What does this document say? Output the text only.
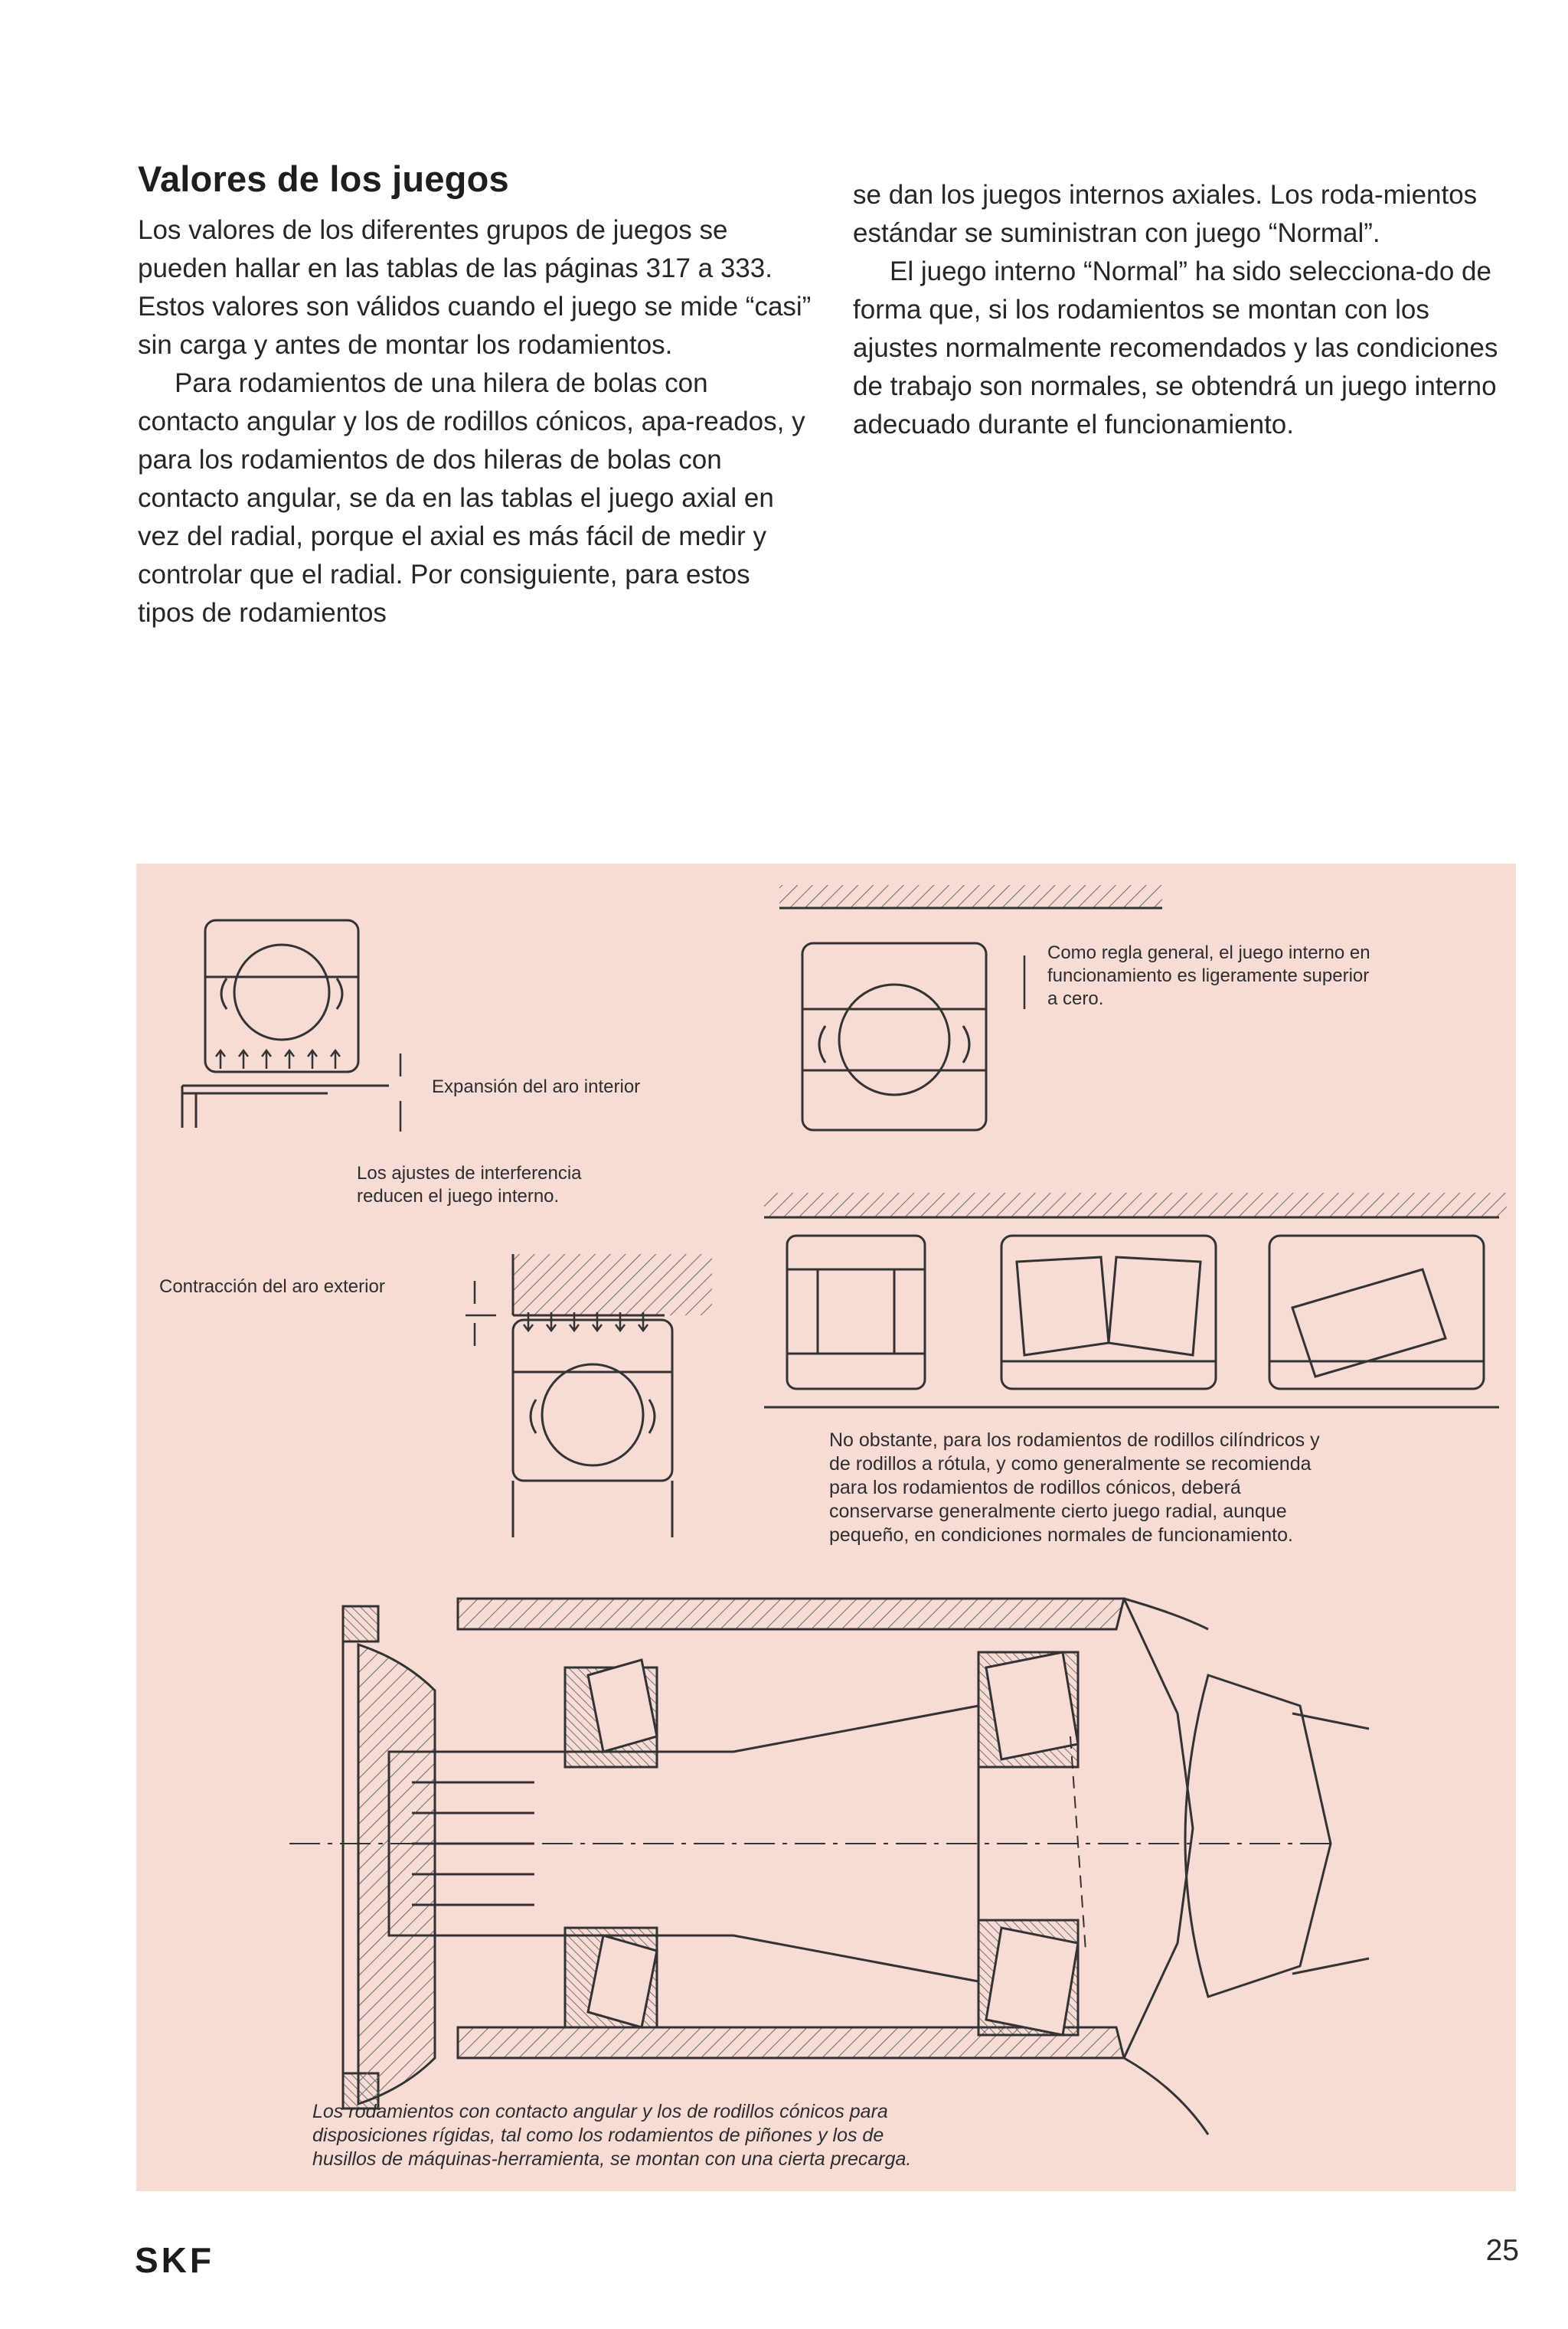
Valores de los juegos

Los valores de los diferentes grupos de juegos se pueden hallar en las tablas de las páginas 317 a 333. Estos valores son válidos cuando el juego se mide “casi” sin carga y antes de montar los rodamientos.

Para rodamientos de una hilera de bolas con contacto angular y los de rodillos cónicos, apa-reados, y para los rodamientos de dos hileras de bolas con contacto angular, se da en las tablas el juego axial en vez del radial, porque el axial es más fácil de medir y controlar que el radial. Por consiguiente, para estos tipos de rodamientos

se dan los juegos internos axiales. Los roda-mientos estándar se suministran con juego “Normal”.

El juego interno “Normal” ha sido selecciona-do de forma que, si los rodamientos se montan con los ajustes normalmente recomendados y las condiciones de trabajo son normales, se obtendrá un juego interno adecuado durante el funcionamiento.

Expansión del aro interior
Los ajustes de interferencia
reducen el juego interno.
Contracción del aro exterior
Como regla general, el juego interno en
funcionamiento es ligeramente superior
a cero.
No obstante, para los rodamientos de rodillos cilíndricos y
de rodillos a rótula, y como generalmente se recomienda
para los rodamientos de rodillos cónicos, deberá
conservarse generalmente cierto juego radial, aunque
pequeño, en condiciones normales de funcionamiento.
Los rodamientos con contacto angular y los de rodillos cónicos para
disposiciones rígidas, tal como los rodamientos de piñones y los de
husillos de máquinas-herramienta, se montan con una cierta precarga.
SKF	25
